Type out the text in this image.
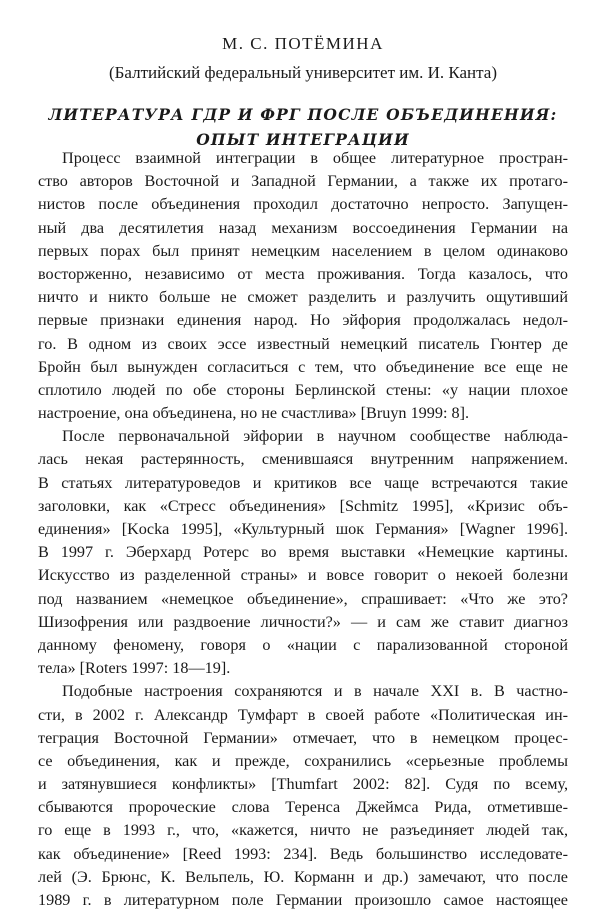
М. С. ПОТЁМИНА
(Балтийский федеральный университет им. И. Канта)
ЛИТЕРАТУРА ГДР И ФРГ ПОСЛЕ ОБЪЕДИНЕНИЯ:
ОПЫТ ИНТЕГРАЦИИ
Процесс взаимной интеграции в общее литературное простран-
ство авторов Восточной и Западной Германии, а также их протаго-
нистов после объединения проходил достаточно непросто. Запущен-
ный два десятилетия назад механизм воссоединения Германии на
первых порах был принят немецким населением в целом одинаково
восторженно, независимо от места проживания. Тогда казалось, что
ничто и никто больше не сможет разделить и разлучить ощутивший
первые признаки единения народ. Но эйфория продолжалась недол-
го. В одном из своих эссе известный немецкий писатель Гюнтер де
Бройн был вынужден согласиться с тем, что объединение все еще не
сплотило людей по обе стороны Берлинской стены: «у нации плохое
настроение, она объединена, но не счастлива» [Bruyn 1999: 8].
После первоначальной эйфории в научном сообществе наблюда-
лась некая растерянность, сменившаяся внутренним напряжением.
В статьях литературоведов и критиков все чаще встречаются такие
заголовки, как «Стресс объединения» [Schmitz 1995], «Кризис объ-
единения» [Kocka 1995], «Культурный шок Германия» [Wagner 1996].
В 1997 г. Эберхард Ротерс во время выставки «Немецкие картины.
Искусство из разделенной страны» и вовсе говорит о некоей болезни
под названием «немецкое объединение», спрашивает: «Что же это?
Шизофрения или раздвоение личности?» — и сам же ставит диагноз
данному феномену, говоря о «нации с парализованной стороной
тела» [Roters 1997: 18—19].
Подобные настроения сохраняются и в начале XXI в. В частно-
сти, в 2002 г. Александр Тумфарт в своей работе «Политическая ин-
теграция Восточной Германии» отмечает, что в немецком процес-
се объединения, как и прежде, сохранились «серьезные проблемы
и затянувшиеся конфликты» [Thumfart 2002: 82]. Судя по всему,
сбываются пророческие слова Теренса Джеймса Рида, отметивше-
го еще в 1993 г., что, «кажется, ничто не разъединяет людей так,
как объединение» [Reed 1993: 234]. Ведь большинство исследовате-
лей (Э. Брюнс, К. Вельпель, Ю. Корманн и др.) замечают, что после
1989 г. в литературном поле Германии произошло самое настоящее
